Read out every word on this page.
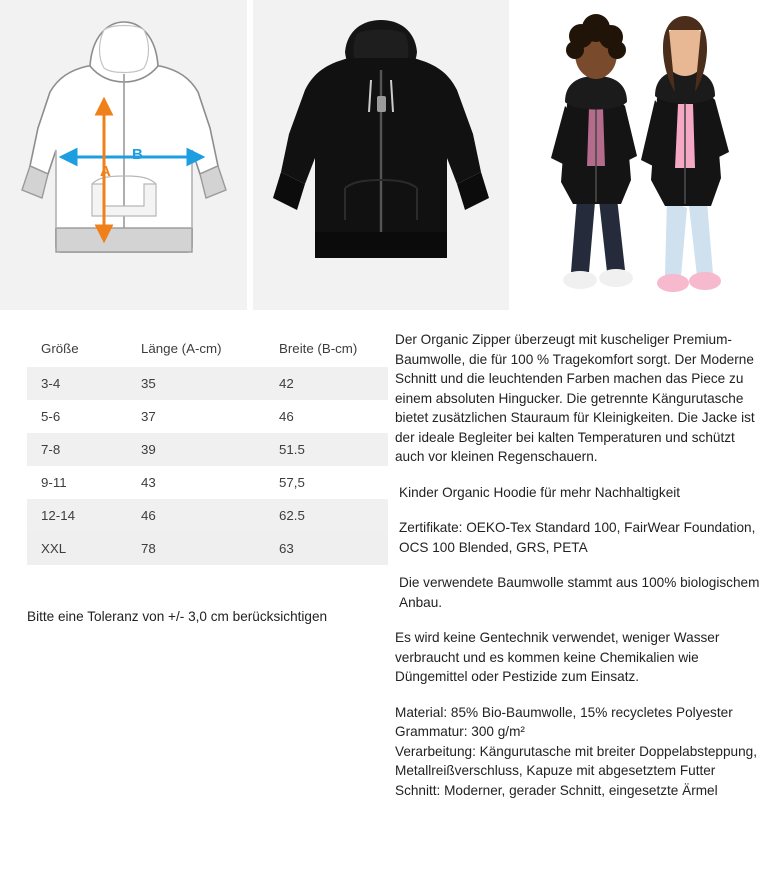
B
A
Größe	Länge (A-cm)	Breite (B-cm)
3-4	35	42
5-6	37	46
7-8	39	51.5
9-11	43	57,5
12-14	46	62.5
XXL	78	63
Bitte eine Toleranz von +/- 3,0 cm berücksichtigen

Der Organic Zipper überzeugt mit kuscheliger Premium-Baumwolle, die für 100 % Tragekomfort sorgt. Der Moderne Schnitt und die leuchtenden Farben machen das Piece zu einem absoluten Hingucker. Die getrennte Kängurutasche bietet zusätzlichen Stauraum für Kleinigkeiten. Die Jacke ist der ideale Begleiter bei kalten Temperaturen und schützt auch vor kleinen Regenschauern.

Kinder Organic Hoodie für mehr Nachhaltigkeit

Zertifikate: OEKO-Tex Standard 100, FairWear Foundation, OCS 100 Blended, GRS, PETA

Die verwendete Baumwolle stammt aus 100% biologischem Anbau.

Es wird keine Gentechnik verwendet, weniger Wasser verbraucht und es kommen keine Chemikalien wie Düngemittel oder Pestizide zum Einsatz.

Material: 85% Bio-Baumwolle, 15% recycletes Polyester

Grammatur: 300 g/m²

Verarbeitung: Kängurutasche mit breiter Doppelabsteppung, Metallreißverschluss, Kapuze mit abgesetztem Futter

Schnitt: Moderner, gerader Schnitt, eingesetzte Ärmel
